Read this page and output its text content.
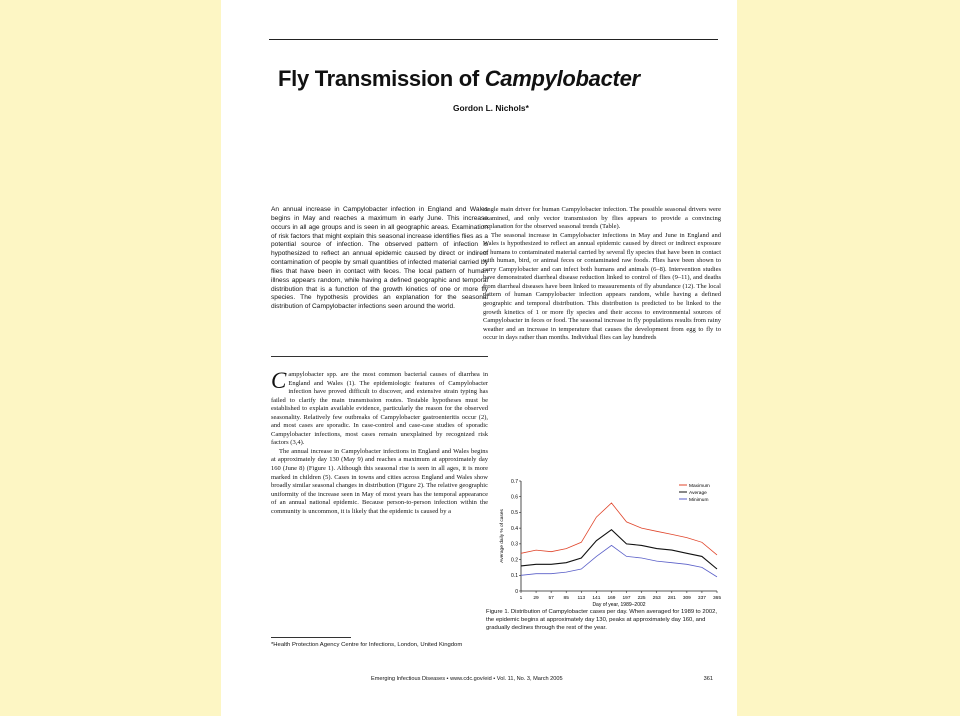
Fly Transmission of Campylobacter
Gordon L. Nichols*

An annual increase in Campylobacter infection in England and Wales begins in May and reaches a maximum in early June. This increase occurs in all age groups and is seen in all geographic areas. Examination of risk factors that might explain this seasonal increase identifies flies as a potential source of infection. The observed pattern of infection is hypothesized to reflect an annual epidemic caused by direct or indirect contamination of people by small quantities of infected material carried by flies that have been in contact with feces. The local pattern of human illness appears random, while having a defined geographic and temporal distribution that is a function of the growth kinetics of one or more fly species. The hypothesis provides an explanation for the seasonal distribution of Campylobacter infections seen around the world.

Campylobacter spp. are the most common bacterial causes of diarrhea in England and Wales (1). The epidemiologic features of Campylobacter infection have proved difficult to discover, and extensive strain typing has failed to clarify the main transmission routes. Testable hypotheses must be established to explain available evidence, particularly the reason for the observed seasonality. Relatively few outbreaks of Campylobacter gastroenteritis occur (2), and most cases are sporadic. In case-control and case-case studies of sporadic Campylobacter infections, most cases remain unexplained by recognized risk factors (3,4).

The annual increase in Campylobacter infections in England and Wales begins at approximately day 130 (May 9) and reaches a maximum at approximately day 160 (June 8) (Figure 1). Although this seasonal rise is seen in all ages, it is more marked in children (5). Cases in towns and cities across England and Wales show broadly similar seasonal changes in distribution (Figure 2). The relative geographic uniformity of the increase seen in May of most years has the temporal appearance of an annual national epidemic. Because person-to-person infection within the community is uncommon, it is likely that the epidemic is caused by a

single main driver for human Campylobacter infection. The possible seasonal drivers were examined, and only vector transmission by flies appears to provide a convincing explanation for the observed seasonal trends (Table).

The seasonal increase in Campylobacter infections in May and June in England and Wales is hypothesized to reflect an annual epidemic caused by direct or indirect exposure of humans to contaminated material carried by several fly species that have been in contact with human, bird, or animal feces or contaminated raw foods. Flies have been shown to carry Campylobacter and can infect both humans and animals (6–8). Intervention studies have demonstrated diarrheal disease reduction linked to control of flies (9–11), and deaths from diarrheal diseases have been linked to measurements of fly abundance (12). The local pattern of human Campylobacter infection appears random, while having a defined geographic and temporal distribution. This distribution is predicted to be linked to the growth kinetics of 1 or more fly species and their access to environmental sources of Campylobacter in feces or food. The seasonal increase in fly populations results from rainy weather and an increase in temperature that causes the development from egg to fly to occur in days rather than months. Individual flies can lay hundreds

0
0.1
0.2
0.3
0.4
0.5
0.6
0.7
1 29 57 85 113 141 169 197 225 253 281 309 337 365
Day of year, 1989–2002
Average daily % of cases
Maximum
Average
Minimum
Figure 1. Distribution of Campylobacter cases per day. When averaged for 1989 to 2002, the epidemic begins at approximately day 130, peaks at approximately day 160, and gradually declines through the rest of the year.
*Health Protection Agency Centre for Infections, London, United Kingdom
Emerging Infectious Diseases • www.cdc.gov/eid • Vol. 11, No. 3, March 2005	361
